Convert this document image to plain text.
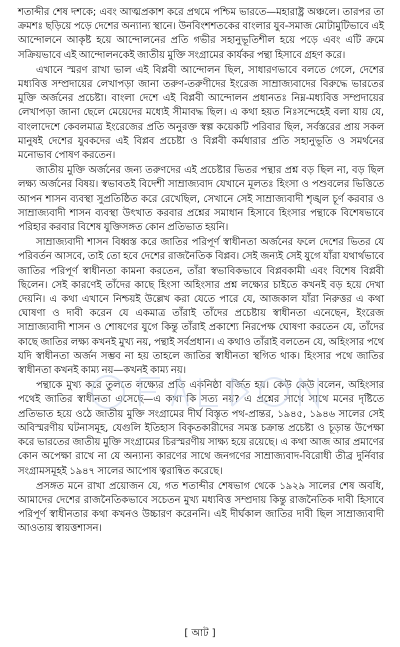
শতাব্দীর শেষ দশকে; এবং আত্মপ্রকাশ করে প্রথমে পশ্চিম ভারতে—মহারাষ্ট্র অঞ্চলে। তারপর তা ক্রমশঃ ছড়িয়ে পড়ে দেশের অন্যান্য স্থানে। উনবিংশশতকের বাংলার যুব-সমাজ মোটামুটিভাবে এই আন্দোলনে আকৃষ্ট হয়ে আন্দোলনের প্রতি গভীর সহানুভূতিশীল হয়ে পড়ে এবং এটি ক্রমে সক্রিয়ভাবে এই আন্দোলনকেই জাতীয় মুক্তি সংগ্রামের কার্যকর পন্থা হিসাবে গ্রহণ করে।

এখানে স্মরণ রাখা ভাল এই বিপ্লবী আন্দোলন ছিল, সাধারণভাবে বলতে গেলে, দেশের মধ্যবিত্ত সম্প্রদায়ের লেখাপড়া জানা তরুণ-তরুণীদের ইংরেজ সাম্রাজ্যবাদের বিরুদ্ধে ভারতের মুক্তি অর্জনের প্রচেষ্টা। বাংলা দেশে এই বিপ্লবী আন্দোলন প্রধানতঃ নিম্ন-মধ্যবিত্ত সম্প্রদায়ের লেখাপড়া জানা ছেলে মেয়েদের মধ্যেই সীমাবদ্ধ ছিল। এ কথা হয়ত নিঃসন্দেহেই বলা যায় যে, বাংলাদেশে কেবলমাত্র ইংরেজের প্রতি অনুরক্ত স্বল্প কয়েকটি পরিবার ছিল, সর্বস্তরের প্রায় সকল মানুষই দেশের যুবকদের এই বিপ্লব প্রচেষ্টা ও বিপ্লবী কর্মধারার প্রতি সহানুভূতি ও সমর্থনের মনোভাব পোষণ করতেন।

জাতীয় মুক্তি অর্জনের জন্য তরুণদের এই প্রচেষ্টার ভিতর পন্থার প্রশ্ন বড় ছিল না, বড় ছিল লক্ষ্য অর্জনের বিষয়। স্বভাবতই বিদেশী সাম্রাজ্যবাদ যেখানে মূলতঃ হিংসা ও পশুবলের ভিত্তিতে আপন শাসন ব্যবস্থা সুপ্রতিষ্ঠিত করে রেখেছিল, সেখানে সেই সাম্রাজ্যবাদী শৃঙ্খল চূর্ণ করবার ও সাম্রাজ্যবাদী শাসন ব্যবস্থা উৎখাত করবার প্রশ্নের সমাধান হিসাবে হিংসার পন্থাকে বিশেষভাবে পরিহার করবার বিশেষ যুক্তিসঙ্গত কোন প্রতিভাত হয়নি।

সাম্রাজ্যবাদী শাসন বিধ্বস্ত করে জাতির পরিপূর্ণ স্বাধীনতা অর্জনের ফলে দেশের ভিতর যে পরিবর্তন আসবে, তাই তো হবে দেশের রাজনৈতিক বিপ্লব। সেই জন্যই সেই যুগে যাঁরা যথার্থভাবে জাতির পরিপূর্ণ স্বাধীনতা কামনা করতেন, তাঁরা স্বভাবিকভাবে বিপ্লবকামী এবং বিশেষ বিপ্লবী ছিলেন। সেই কারণেই তাঁদের কাছে হিংসা অহিংসার প্রশ্ন লক্ষ্যের চাইতে কখনই বড় হয়ে দেখা দেয়নি। এ কথা এখানে নিশ্চয়ই উল্লেখ করা যেতে পারে যে, আজকাল যাঁরা নিরুত্তর এ কথা ঘোষণা ও দাবী করেন যে একমাত্র তাঁরাই তাঁদের প্রচেষ্টায় স্বাধীনতা এনেছেন, ইংরেজ সাম্রাজ্যবাদী শাসন ও শোষণের যুগে কিন্তু তাঁরাই প্রকাশ্যে নিরপেক্ষ ঘোষণা করতেন যে, তাঁদের কাছে জাতির লক্ষ্য কখনই মুখ্য নয়, পন্থাই সর্বপ্রধান। এ কথাও তাঁরাই বলতেন যে, অহিংসার পথে যদি স্বাধীনতা অর্জন সম্ভব না হয় তাহলে জাতির স্বাধীনতা স্থগিত থাক। হিংসার পথে জাতির স্বাধীনতা কখনই কাম্য নয়—কখনই কাম্য নয়।

পন্থাকে মুখ্য করে তুলতে লক্ষ্যের প্রতি একনিষ্ঠা বর্জিত হয়। কেউ কেউ বলেন, অহিংসার পথেই জাতির স্বাধীনতা এসেছে—এ কথা কি সত্য নয়? এ প্রশ্নের সাথে সাথে মনের দৃষ্টিতে প্রতিভাত হয়ে ওঠে জাতীয় মুক্তি সংগ্রামের দীর্ঘ বিস্তৃত পথ-প্রান্তর, ১৯৪৫, ১৯৪৬ সালের সেই অবিস্মরণীয় ঘটনাসমূহ, যেগুলি ইতিহাস বিকৃতকারীদের সমস্ত চক্রান্ত প্রচেষ্টা ও চূড়ান্ত উপেক্ষা করে ভারতের জাতীয় মুক্তি সংগ্রামের চিরস্মরণীয় সাক্ষ্য হয়ে রয়েছে। এ কথা আজ আর প্রমাণের কোন অপেক্ষা রাখে না যে অন্যান্য কারণের সাথে জনগণের সাম্রাজ্যবাদ-বিরোধী তীব্র দুর্নিবার সংগ্রামসমূহই ১৯৪৭ সালের আপোষ ত্বরান্বিত করেছে।

প্রসঙ্গত মনে রাখা প্রয়োজন যে, গত শতাব্দীর শেষভাগ থেকে ১৯২৯ সালের শেষ অবধি, আমাদের দেশের রাজনৈতিকভাবে সচেতন মুখ্য মধ্যবিত্ত সম্প্রদায় কিন্তু রাজনৈতিক দাবী হিসাবে পরিপূর্ণ স্বাধীনতার কথা কখনও উচ্চারণ করেননি। এই দীর্ঘকাল জাতির দাবী ছিল সাম্রাজ্যবাদী আওতায় স্বায়ত্তশাসন।

[ আট ]
